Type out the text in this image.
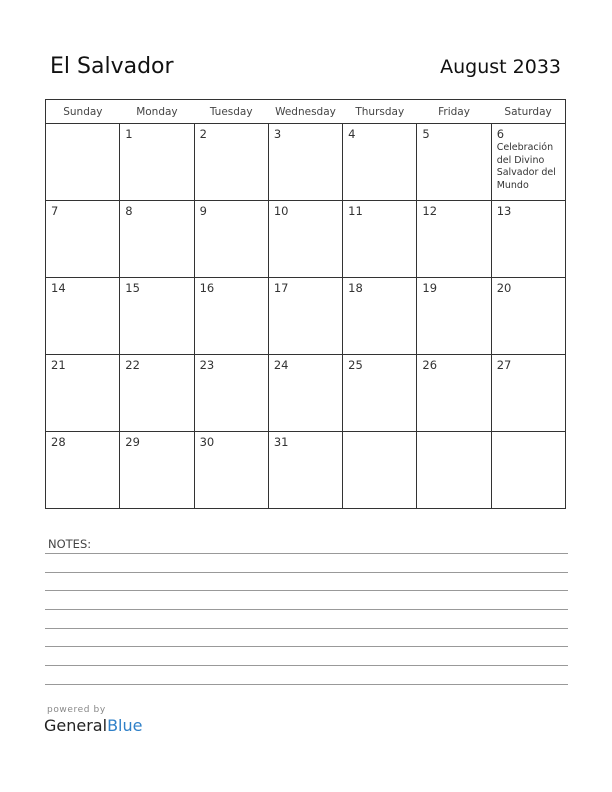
El Salvador	August 2033
Sunday	Monday	Tuesday	Wednesday	Thursday	Friday	Saturday

	1	2	3	4	5	6
Celebración del Divino Salvador del Mundo

7	8	9	10	11	12	13

14	15	16	17	18	19	20

21	22	23	24	25	26	27

28	29	30	31			

NOTES:
powered by
GeneralBlue
